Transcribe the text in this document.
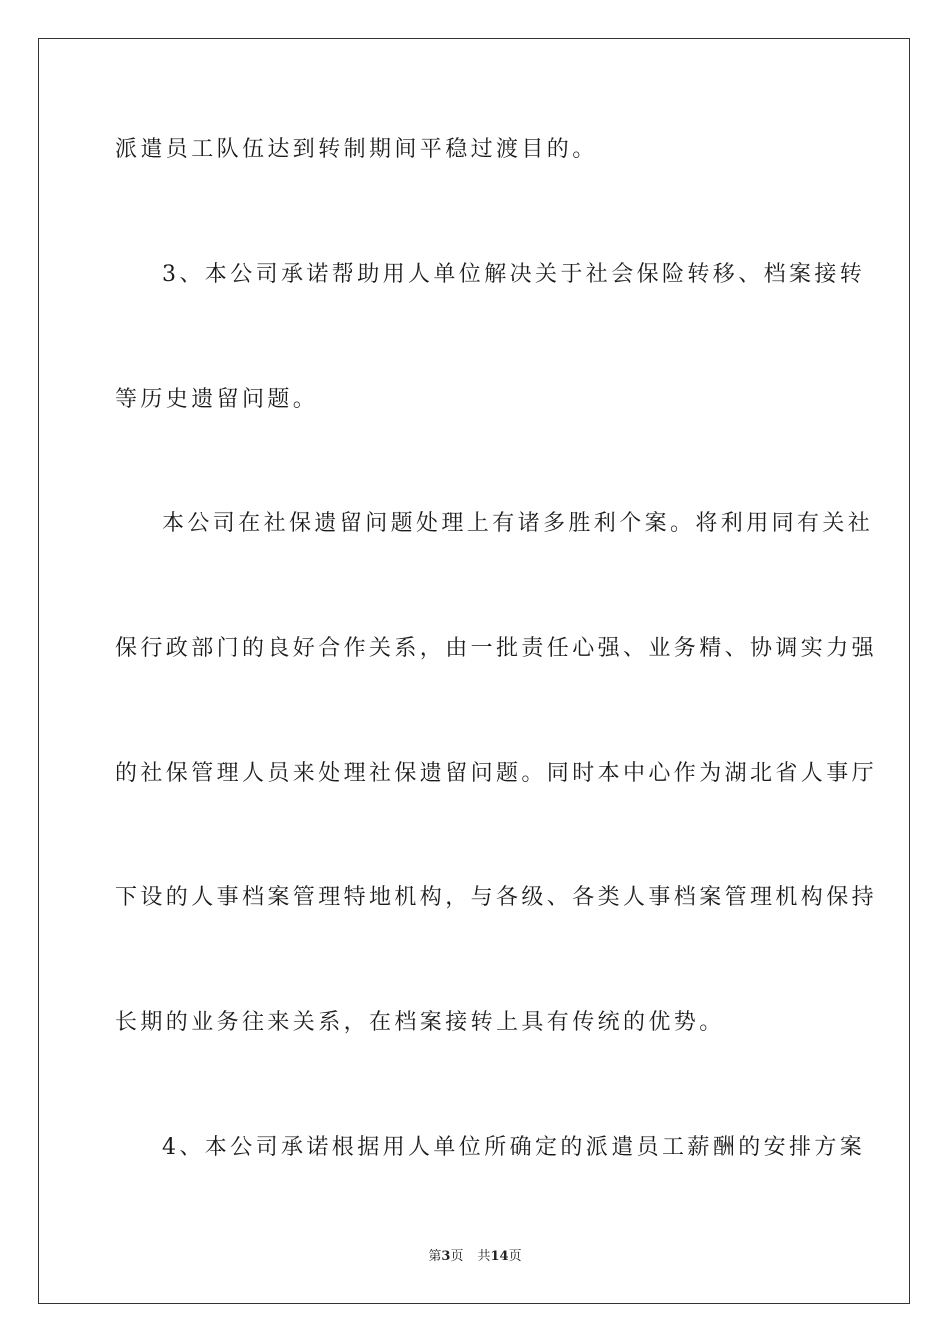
派遣员工队伍达到转制期间平稳过渡目的。
3、本公司承诺帮助用人单位解决关于社会保险转移、档案接转
等历史遗留问题。
本公司在社保遗留问题处理上有诸多胜利个案。将利用同有关社
保行政部门的良好合作关系，由一批责任心强、业务精、协调实力强
的社保管理人员来处理社保遗留问题。同时本中心作为湖北省人事厅
下设的人事档案管理特地机构，与各级、各类人事档案管理机构保持
长期的业务往来关系，在档案接转上具有传统的优势。
4、本公司承诺根据用人单位所确定的派遣员工薪酬的安排方案
第3页 共14页
